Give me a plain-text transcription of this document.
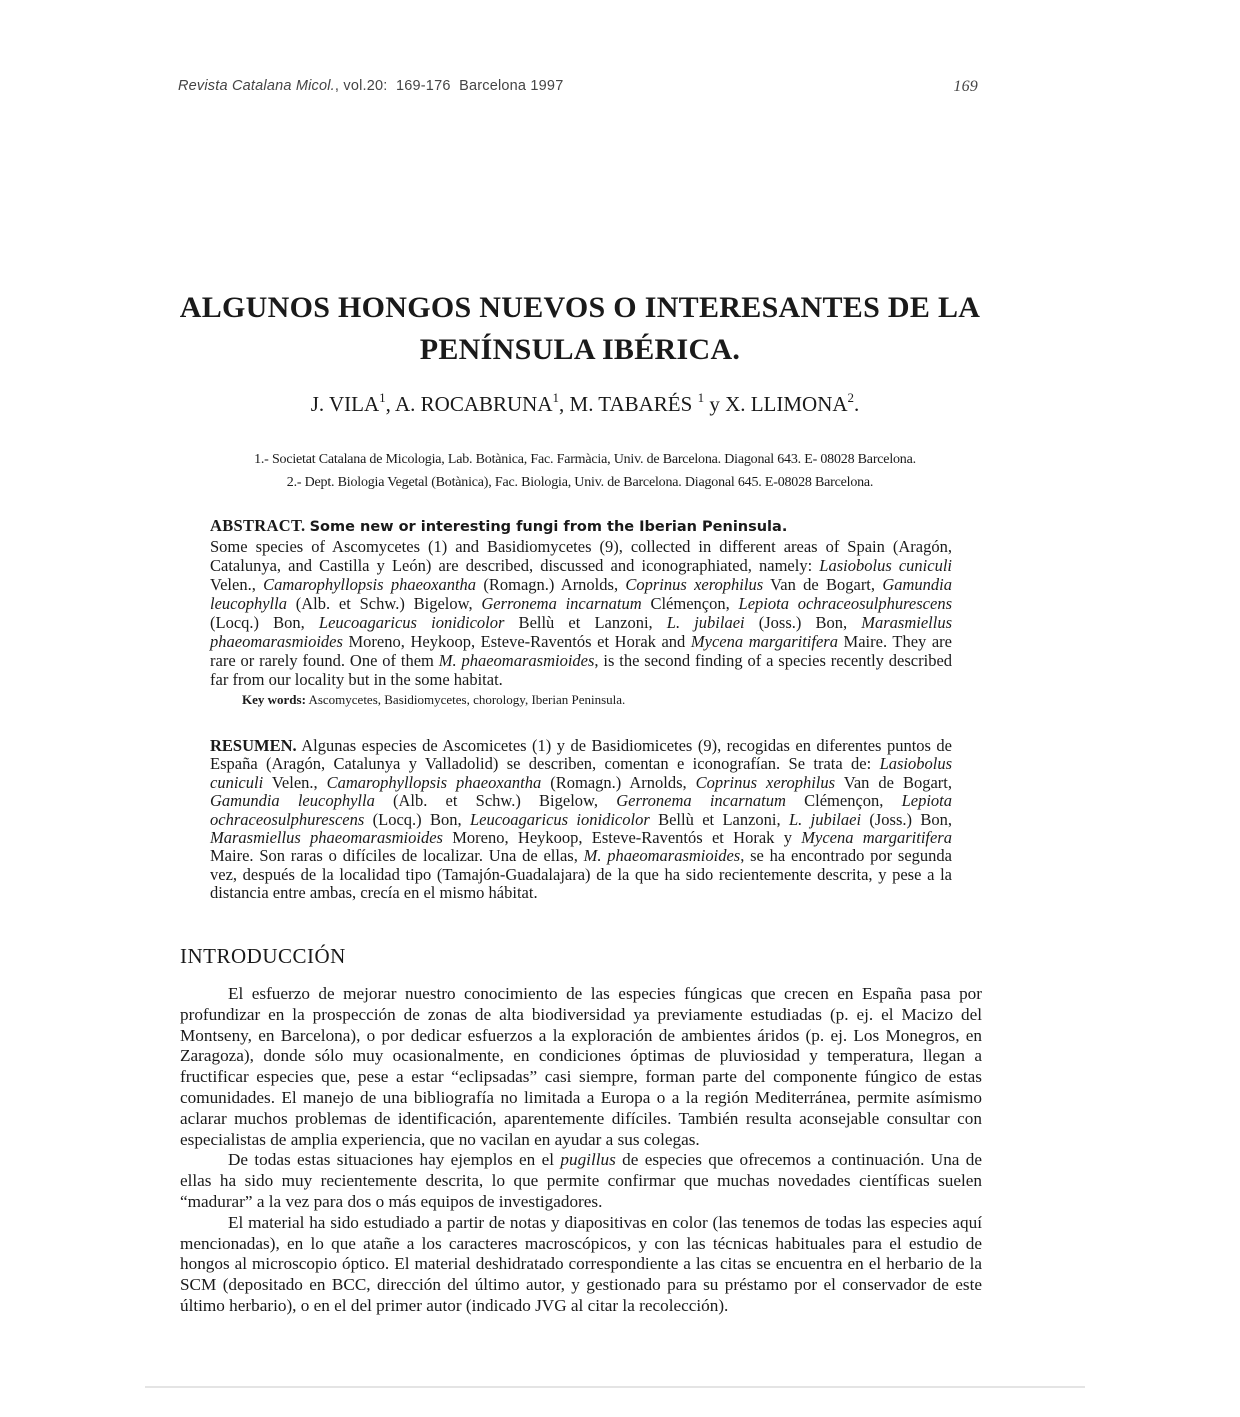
Revista Catalana Micol., vol.20: 169-176 Barcelona 1997	169
ALGUNOS HONGOS NUEVOS O INTERESANTES DE LA
PENÍNSULA IBÉRICA.
J. VILA$^1$, A. ROCABRUNA$^1$, M. TABARÉS $^1$ y X. LLIMONA$^2$.
1.- Societat Catalana de Micologia, Lab. Botànica, Fac. Farmàcia, Univ. de Barcelona. Diagonal 643. E- 08028 Barcelona.
2.- Dept. Biologia Vegetal (Botànica), Fac. Biologia, Univ. de Barcelona. Diagonal 645. E-08028 Barcelona.
ABSTRACT. Some new or interesting fungi from the Iberian Peninsula.

Some species of Ascomycetes (1) and Basidiomycetes (9), collected in different areas of Spain (Aragón, Catalunya, and Castilla y León) are described, discussed and iconographiated, namely: Lasiobolus cuniculi Velen., Camarophyllopsis phaeoxantha (Romagn.) Arnolds, Coprinus xerophilus Van de Bogart, Gamundia leucophylla (Alb. et Schw.) Bigelow, Gerronema incarnatum Clémençon, Lepiota ochraceosulphurescens (Locq.) Bon, Leucoagaricus ionidicolor Bellù et Lanzoni, L. jubilaei (Joss.) Bon, Marasmiellus phaeomarasmioides Moreno, Heykoop, Esteve-Raventós et Horak and Mycena margaritifera Maire. They are rare or rarely found. One of them M. phaeomarasmioides, is the second finding of a species recently described far from our locality but in the some habitat.

Key words: Ascomycetes, Basidiomycetes, chorology, Iberian Peninsula.

RESUMEN. Algunas especies de Ascomicetes (1) y de Basidiomicetes (9), recogidas en diferentes puntos de España (Aragón, Catalunya y Valladolid) se describen, comentan e iconografían. Se trata de: Lasiobolus cuniculi Velen., Camarophyllopsis phaeoxantha (Romagn.) Arnolds, Coprinus xerophilus Van de Bogart, Gamundia leucophylla (Alb. et Schw.) Bigelow, Gerronema incarnatum Clémençon, Lepiota ochraceosulphurescens (Locq.) Bon, Leucoagaricus ionidicolor Bellù et Lanzoni, L. jubilaei (Joss.) Bon, Marasmiellus phaeomarasmioides Moreno, Heykoop, Esteve-Raventós et Horak y Mycena margaritifera Maire. Son raras o difíciles de localizar. Una de ellas, M. phaeomarasmioides, se ha encontrado por segunda vez, después de la localidad tipo (Tamajón-Guadalajara) de la que ha sido recientemente descrita, y pese a la distancia entre ambas, crecía en el mismo hábitat.

INTRODUCCIÓN

El esfuerzo de mejorar nuestro conocimiento de las especies fúngicas que crecen en España pasa por profundizar en la prospección de zonas de alta biodiversidad ya previamente estudiadas (p. ej. el Macizo del Montseny, en Barcelona), o por dedicar esfuerzos a la exploración de ambientes áridos (p. ej. Los Monegros, en Zaragoza), donde sólo muy ocasionalmente, en condiciones óptimas de pluviosidad y temperatura, llegan a fructificar especies que, pese a estar “eclipsadas” casi siempre, forman parte del componente fúngico de estas comunidades. El manejo de una bibliografía no limitada a Europa o a la región Mediterránea, permite asímismo aclarar muchos problemas de identificación, aparentemente difíciles. También resulta aconsejable consultar con especialistas de amplia experiencia, que no vacilan en ayudar a sus colegas.

De todas estas situaciones hay ejemplos en el pugillus de especies que ofrecemos a continuación. Una de ellas ha sido muy recientemente descrita, lo que permite confirmar que muchas novedades científicas suelen “madurar” a la vez para dos o más equipos de investigadores.

El material ha sido estudiado a partir de notas y diapositivas en color (las tenemos de todas las especies aquí mencionadas), en lo que atañe a los caracteres macroscópicos, y con las técnicas habituales para el estudio de hongos al microscopio óptico. El material deshidratado correspondiente a las citas se encuentra en el herbario de la SCM (depositado en BCC, dirección del último autor, y gestionado para su préstamo por el conservador de este último herbario), o en el del primer autor (indicado JVG al citar la recolección).
